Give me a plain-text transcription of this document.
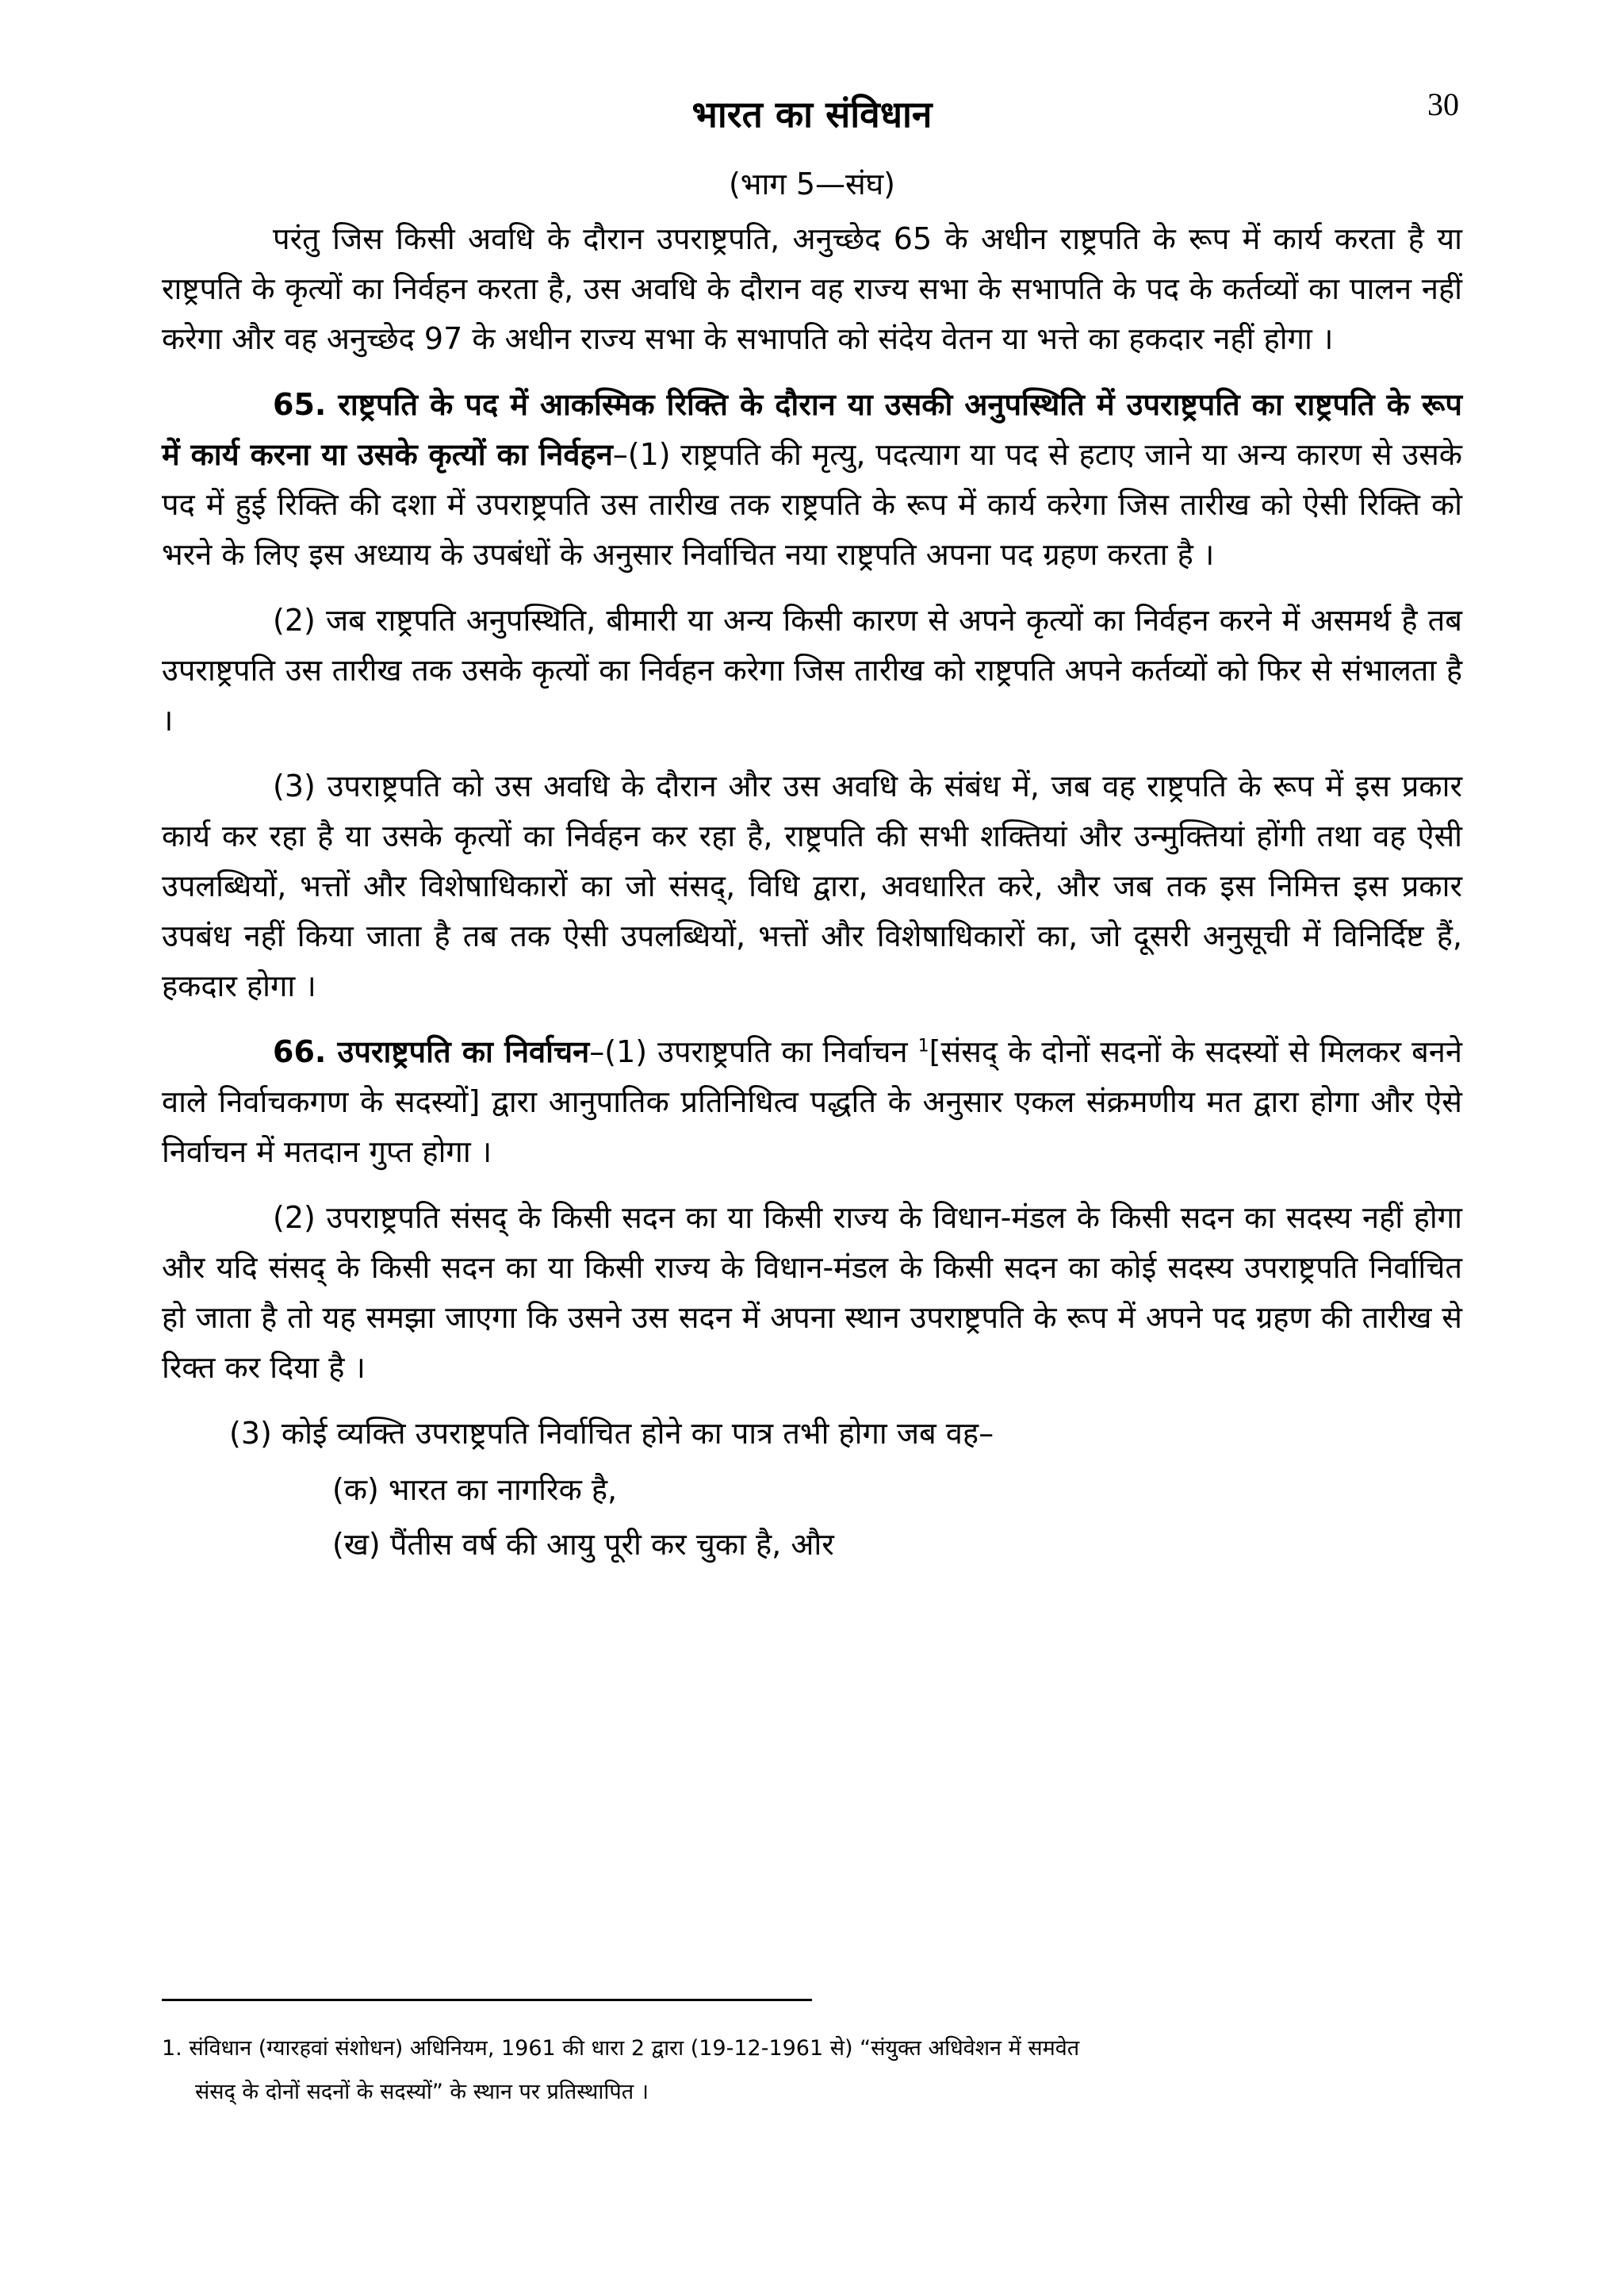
30
भारत का संविधान
(भाग 5—संघ)

परंतु जिस किसी अवधि के दौरान उपराष्ट्रपति, अनुच्छेद 65 के अधीन राष्ट्रपति के रूप में कार्य करता है या राष्ट्रपति के कृत्यों का निर्वहन करता है, उस अवधि के दौरान वह राज्य सभा के सभापति के पद के कर्तव्यों का पालन नहीं करेगा और वह अनुच्छेद 97 के अधीन राज्य सभा के सभापति को संदेय वेतन या भत्ते का हकदार नहीं होगा ।

65. राष्ट्रपति के पद में आकस्मिक रिक्ति के दौरान या उसकी अनुपस्थिति में उपराष्ट्रपति का राष्ट्रपति के रूप में कार्य करना या उसके कृत्यों का निर्वहन–(1) राष्ट्रपति की मृत्यु, पदत्याग या पद से हटाए जाने या अन्य कारण से उसके पद में हुई रिक्ति की दशा में उपराष्ट्रपति उस तारीख तक राष्ट्रपति के रूप में कार्य करेगा जिस तारीख को ऐसी रिक्ति को भरने के लिए इस अध्याय के उपबंधों के अनुसार निर्वाचित नया राष्ट्रपति अपना पद ग्रहण करता है ।

(2) जब राष्ट्रपति अनुपस्थिति, बीमारी या अन्य किसी कारण से अपने कृत्यों का निर्वहन करने में असमर्थ है तब उपराष्ट्रपति उस तारीख तक उसके कृत्यों का निर्वहन करेगा जिस तारीख को राष्ट्रपति अपने कर्तव्यों को फिर से संभालता है ।

(3) उपराष्ट्रपति को उस अवधि के दौरान और उस अवधि के संबंध में, जब वह राष्ट्रपति के रूप में इस प्रकार कार्य कर रहा है या उसके कृत्यों का निर्वहन कर रहा है, राष्ट्रपति की सभी शक्तियां और उन्मुक्तियां होंगी तथा वह ऐसी उपलब्धियों, भत्तों और विशेषाधिकारों का जो संसद्, विधि द्वारा, अवधारित करे, और जब तक इस निमित्त इस प्रकार उपबंध नहीं किया जाता है तब तक ऐसी उपलब्धियों, भत्तों और विशेषाधिकारों का, जो दूसरी अनुसूची में विनिर्दिष्ट हैं, हकदार होगा ।

66. उपराष्ट्रपति का निर्वाचन–(1) उपराष्ट्रपति का निर्वाचन $^1$[संसद् के दोनों सदनों के सदस्यों से मिलकर बनने वाले निर्वाचकगण के सदस्यों] द्वारा आनुपातिक प्रतिनिधित्व पद्धति के अनुसार एकल संक्रमणीय मत द्वारा होगा और ऐसे निर्वाचन में मतदान गुप्त होगा ।

(2) उपराष्ट्रपति संसद् के किसी सदन का या किसी राज्य के विधान-मंडल के किसी सदन का सदस्य नहीं होगा और यदि संसद् के किसी सदन का या किसी राज्य के विधान-मंडल के किसी सदन का कोई सदस्य उपराष्ट्रपति निर्वाचित हो जाता है तो यह समझा जाएगा कि उसने उस सदन में अपना स्थान उपराष्ट्रपति के रूप में अपने पद ग्रहण की तारीख से रिक्त कर दिया है ।

(3) कोई व्यक्ति उपराष्ट्रपति निर्वाचित होने का पात्र तभी होगा जब वह–

(क) भारत का नागरिक है,

(ख) पैंतीस वर्ष की आयु पूरी कर चुका है, और

1. संविधान (ग्यारहवां संशोधन) अधिनियम, 1961 की धारा 2 द्वारा (19-12-1961 से) “संयुक्त अधिवेशन में समवेत
संसद् के दोनों सदनों के सदस्यों” के स्थान पर प्रतिस्थापित ।
